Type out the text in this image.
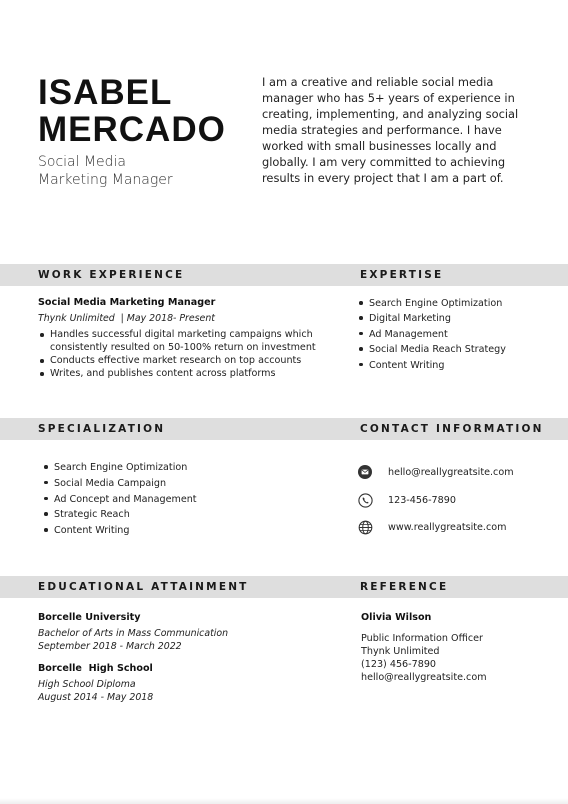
ISABEL
MERCADO
Social Media
Marketing Manager
I am a creative and reliable social media manager who has 5+ years of experience in creating, implementing, and analyzing social media strategies and performance. I have worked with small businesses locally and globally. I am very committed to achieving results in every project that I am a part of.
WORK EXPERIENCE	EXPERTISE
Social Media Marketing Manager
Thynk Unlimited  | May 2018- Present
Handles successful digital marketing campaigns which consistently resulted on 50-100% return on investment
Conducts effective market research on top accounts
Writes, and publishes content across platforms
Search Engine Optimization
Digital Marketing
Ad Management
Social Media Reach Strategy
Content Writing
SPECIALIZATION	CONTACT INFORMATION
Search Engine Optimization
Social Media Campaign
Ad Concept and Management
Strategic Reach
Content Writing
hello@reallygreatsite.com
123-456-7890
www.reallygreatsite.com
EDUCATIONAL ATTAINMENT	REFERENCE
Borcelle University
Bachelor of Arts in Mass Communication
September 2018 - March 2022
Borcelle  High School
High School Diploma
August 2014 - May 2018
Olivia Wilson
Public Information Officer
Thynk Unlimited
(123) 456-7890
hello@reallygreatsite.com
